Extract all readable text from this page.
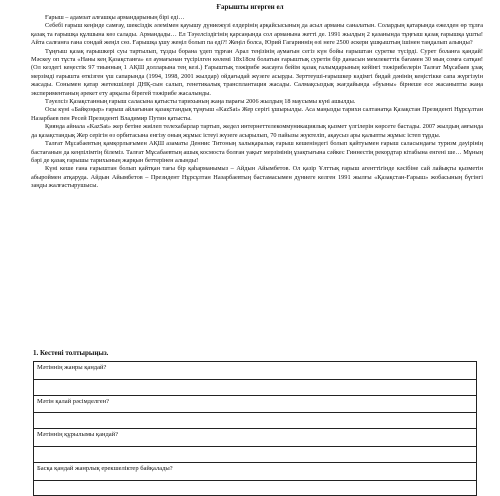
Ғарышты игерген ел

Ғарыш – адамзат алғашқы армандарының бірі еді…

Себебі ғарыш кеңінде самғау, шексіздік әлемімен қауышу дүниежүзі елдерінің арқайсысының да асыл арманы саналатын. Солардың қатарында ежелден өр тұлға қазақ та ғарышқа құлшына көз салады. Армандады… Ел Тәуелсіздігінің қарсаңында сол арманына жетті де. 1991 жылдың 2 қазанында тұңғыш қазақ ғарышқа ұшты! Айта салғанға ғана сондай жеңіл сөз. Ғарышқа ұшу жеңіл болып па еді?! Жеңіл болса, Юрий Гагариннің өзі неге 2500 әскери ұшқыштың ішінен таңдалып алынды?

Тұңғыш қазақ ғарышкері суы тартылып, тұзды борана үдеп тұрған Арал теңізінің аумағын сегіз күн бойы ғарыштан суретке түсірді. Сурет боланға қандай! Мәскеу оп тұста «Наны кең Қазақстанға» ел аумағынан түсірілген көлемі 18х18см болатын ғарыштық суретін бір данасын мемлекеттік бағамен 30 мың сомға сатқан! (Ол кездегі кеңестік 97 тиынның 1 АҚШ долларына тең кезі.) Ғарыштық тәжірибе жасауға бейім қазақ ғалымдарының кейінгі тәжірибелерін Талғат Мұсабаев ұзақ мерзімді ғарышта өткізген үш сапарында (1994, 1998, 2001 жылдар) ойдағыдай жүзеге асырды. Зерттеуші-ғарышкер кәдімгі бидай дәнінің кеңістікке сапа жүргізуін жасады. Сонымен қатар жетекшілері ДНҚ-сын салып, генетикалық трансплантация жасады. Салмақсыздық жағдайында «буыны» бірнеше есе жасаныпты жаңа экспериментаның әрекет ету арқылы бірегей тәжірибе жасалынды.

Тәуелсіз Қазақстанның ғарыш саласына қатысты тарихының жаңа парағы 2006 жылдың 18 маусымы күні ашылды.

Осы күні «Байқоңыр» ғарыш айлағынан қазақстандық тұңғыш «KazSat» Жер серігі ұшырылды. Аса маңызды тарихи салтанатқа Қазақстан Президенті Нұрсұлтан Назарбаев пен Ресей Президенті Владимир Путин қатысты.

Қиянда айнала «KazSat» жер бетіне жиілеп телехабарлар тартып, жедел интернеттелекоммуникациялық қызмет үлгілерін көрсете бастады. 2007 жылдың аяғында да қазақстандық Жер серігін өз орбитасына енгізу оның жұмыс істеуі жүзеге асырылып, 70 пайызы жүктеліп, ақаусыз ары қалыпты жұмыс істеп тұрды.

Талғат Мұсабаевтың қамқорлығымен АҚШ азаматы Деннис Титоның халықаралық ғарыш кешеніндегі болып қайтуымен ғарыш саласындағы туризм дәуірінің бастағанын да кеңпілімтің білеміз. Талғат Мұсабаевтың ашық космоста болған уақыт мерзімінің ұзақтығына сәйкес Гиннестің рекордтар кітабына енгені ше… Мұның бәрі де қазақ ғарышы тарихының жарқын беттерінен алынды!

Күні кеше ғана ғарыштан болып қайтқан тағы бір қаһарманымыз – Айдын Айымбетов. Ол қазір Ұлттық ғарыш агенттігінде кәсібіне сай лайықты қызметін абыроймен атқаруда. Айдын Айымбетов – Президент Нұрсұлтан Назарбаевтың бастамасымен дүниеге келген 1991 жылғы «Қазақстан-Ғарыш» жобасының бүгінгі заңды жалғастырушысы.

1. Кестені толтырыңыз.
Мәтіннің жанры қандай?

Мәтін қалай рәсімделген?

Мәтіннің құрылымы қандай?

Басқа қандай жанрлық ерекшеліктер байқалады?
